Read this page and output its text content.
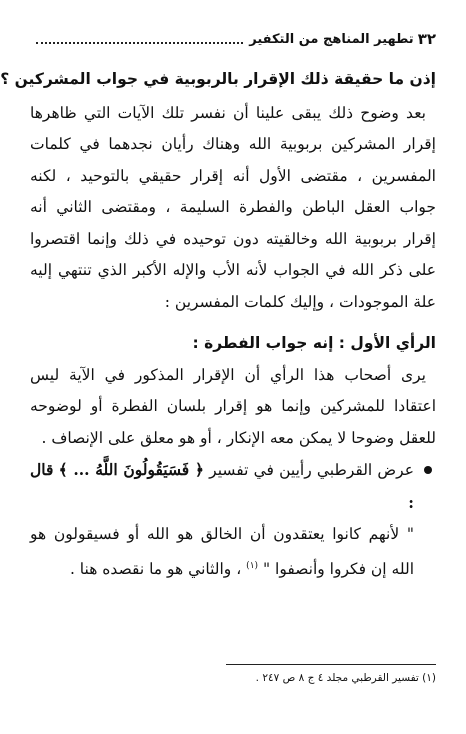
٣٢
تطهير المناهج من التكفير

إذن ما حقيقة ذلك الإقرار بالربوبية في جواب المشركين ؟

بعد وضوح ذلك يبقى علينا أن نفسر تلك الآيات التي ظاهرها إقرار المشركين بربوبية الله وهناك رأيان نجدهما في كلمات المفسرين ، مقتضى الأول أنه إقرار حقيقي بالتوحيد ، لكنه جواب العقل الباطن والفطرة السليمة ، ومقتضى الثاني أنه إقرار بربوبية الله وخالقيته دون توحيده في ذلك وإنما اقتصروا على ذكر الله في الجواب لأنه الأب والإله الأكبر الذي تنتهي إليه علة الموجودات ، وإليك كلمات المفسرين :

الرأي الأول : إنه جواب الفطرة :

يرى أصحاب هذا الرأي أن الإقرار المذكور في الآية ليس اعتقادا للمشركين وإنما هو إقرار بلسان الفطرة أو لوضوحه للعقل وضوحا لا يمكن معه الإنكار ، أو هو معلق على الإنصاف .

عرض القرطبي رأيين في تفسير ﴿ فَسَيَقُولُونَ اللَّهُ ... ﴾ قال :

" لأنهم كانوا يعتقدون أن الخالق هو الله أو فسيقولون هو الله إن فكروا وأنصفوا " $^{(١)}$ ، والثاني هو ما نقصده هنا .

(١) تفسير القرطبي مجلد ٤ ج ٨ ص ٢٤٧ .
